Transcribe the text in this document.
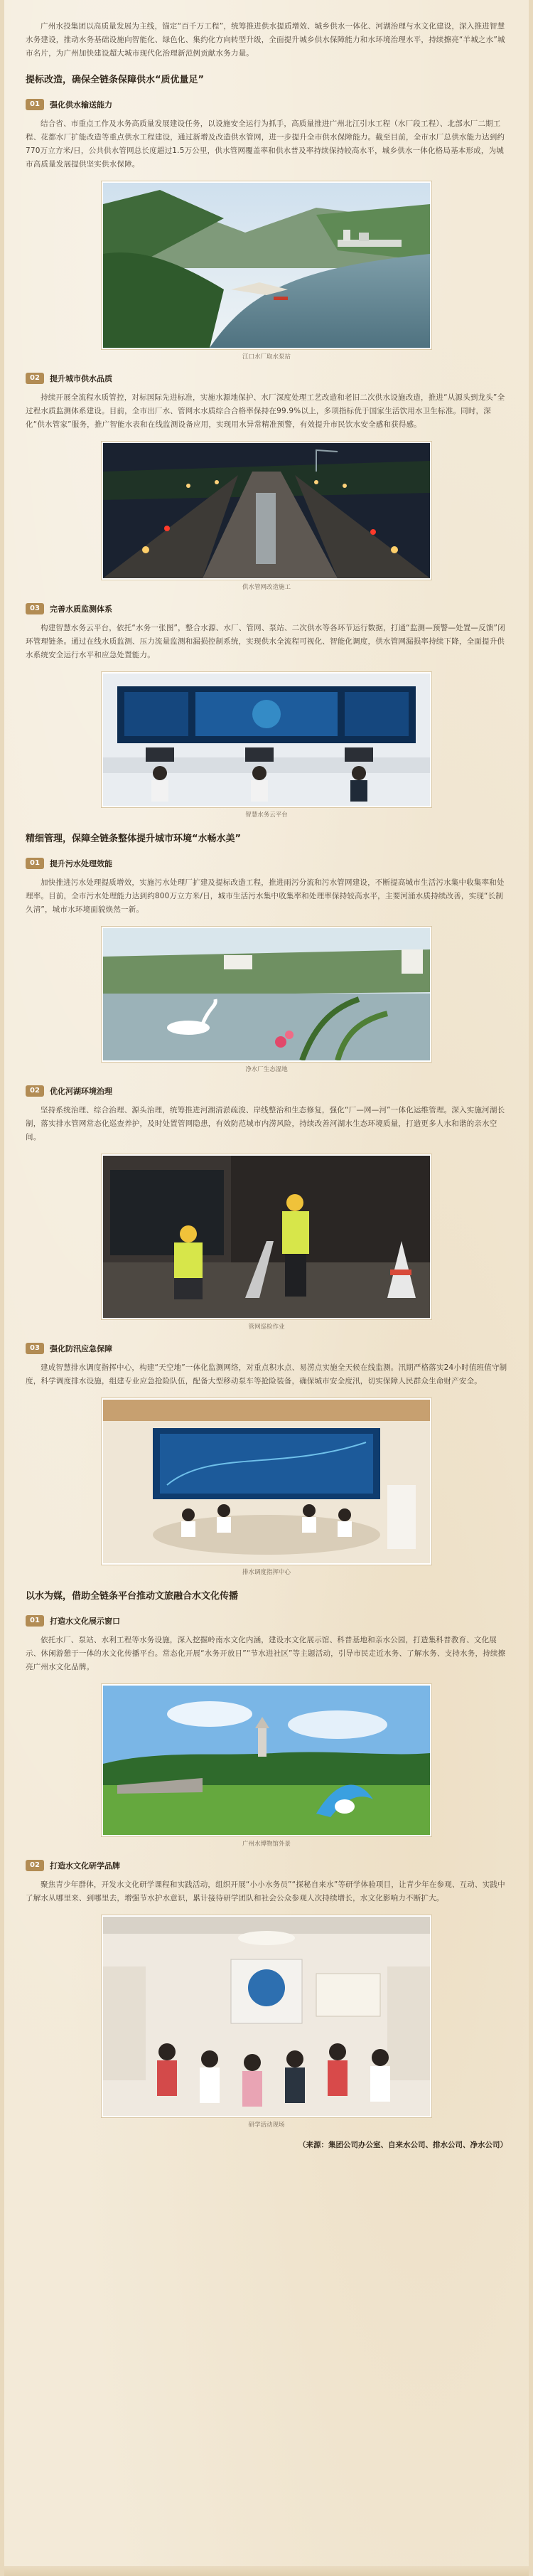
广州水投集团以高质量发展为主线，锚定“百千万工程”，统筹推进供水提质增效、城乡供水一体化、河湖治理与水文化建设，深入推进智慧水务建设，推动水务基础设施向智能化、绿色化、集约化方向转型升级，全面提升城乡供水保障能力和水环境治理水平，持续擦亮“羊城之水”城市名片，为广州加快建设超大城市现代化治理新范例贡献水务力量。

提标改造，确保全链条保障供水“质优量足”
01	强化供水输送能力

结合省、市重点工作及水务高质量发展建设任务，以设施安全运行为抓手，高质量推进广州北江引水工程（水厂段工程）、北部水厂二期工程、花都水厂扩能改造等重点供水工程建设，通过新增及改造供水管网，进一步提升全市供水保障能力。截至目前，全市水厂总供水能力达到约770万立方米/日，公共供水管网总长度超过1.5万公里，供水管网覆盖率和供水普及率持续保持较高水平，城乡供水一体化格局基本形成，为城市高质量发展提供坚实供水保障。

江口水厂取水泵站
02	提升城市供水品质

持续开展全流程水质管控，对标国际先进标准，实施水源地保护、水厂深度处理工艺改造和老旧二次供水设施改造，推进“从源头到龙头”全过程水质监测体系建设。目前，全市出厂水、管网水水质综合合格率保持在99.9%以上，多项指标优于国家生活饮用水卫生标准。同时，深化“供水管家”服务，推广智能水表和在线监测设备应用，实现用水异常精准预警，有效提升市民饮水安全感和获得感。

供水管网改造施工
03	完善水质监测体系

构建智慧水务云平台，依托“水务一张图”，整合水源、水厂、管网、泵站、二次供水等各环节运行数据，打通“监测—预警—处置—反馈”闭环管理链条。通过在线水质监测、压力流量监测和漏损控制系统，实现供水全流程可视化、智能化调度，供水管网漏损率持续下降，全面提升供水系统安全运行水平和应急处置能力。

智慧水务云平台
精细管理，保障全链条整体提升城市环境“水畅水美”
01	提升污水处理效能

加快推进污水处理提质增效，实施污水处理厂扩建及提标改造工程，推进雨污分流和污水管网建设，不断提高城市生活污水集中收集率和处理率。目前，全市污水处理能力达到约800万立方米/日，城市生活污水集中收集率和处理率保持较高水平，主要河涌水质持续改善，实现“长制久清”，城市水环境面貌焕然一新。

净水厂生态湿地
02	优化河湖环境治理

坚持系统治理、综合治理、源头治理，统筹推进河湖清淤疏浚、岸线整治和生态修复，强化“厂—网—河”一体化运维管理。深入实施河湖长制，落实排水管网常态化巡查养护，及时处置管网隐患，有效防范城市内涝风险，持续改善河湖水生态环境质量，打造更多人水和谐的亲水空间。

管网巡检作业
03	强化防汛应急保障

建成智慧排水调度指挥中心，构建“天空地”一体化监测网络，对重点积水点、易涝点实施全天候在线监测。汛期严格落实24小时值班值守制度，科学调度排水设施，组建专业应急抢险队伍，配备大型移动泵车等抢险装备，确保城市安全度汛，切实保障人民群众生命财产安全。

排水调度指挥中心
以水为媒，借助全链条平台推动文旅融合水文化传播
01	打造水文化展示窗口

依托水厂、泵站、水利工程等水务设施，深入挖掘岭南水文化内涵，建设水文化展示馆、科普基地和亲水公园，打造集科普教育、文化展示、休闲游憩于一体的水文化传播平台。常态化开展“水务开放日”“节水进社区”等主题活动，引导市民走近水务、了解水务、支持水务，持续擦亮广州水文化品牌。

广州水博物馆外景
02	打造水文化研学品牌

聚焦青少年群体，开发水文化研学课程和实践活动，组织开展“小小水务员”“探秘自来水”等研学体验项目，让青少年在参观、互动、实践中了解水从哪里来、到哪里去，增强节水护水意识，累计接待研学团队和社会公众参观人次持续增长，水文化影响力不断扩大。

研学活动现场
（来源：集团公司办公室、自来水公司、排水公司、净水公司）
